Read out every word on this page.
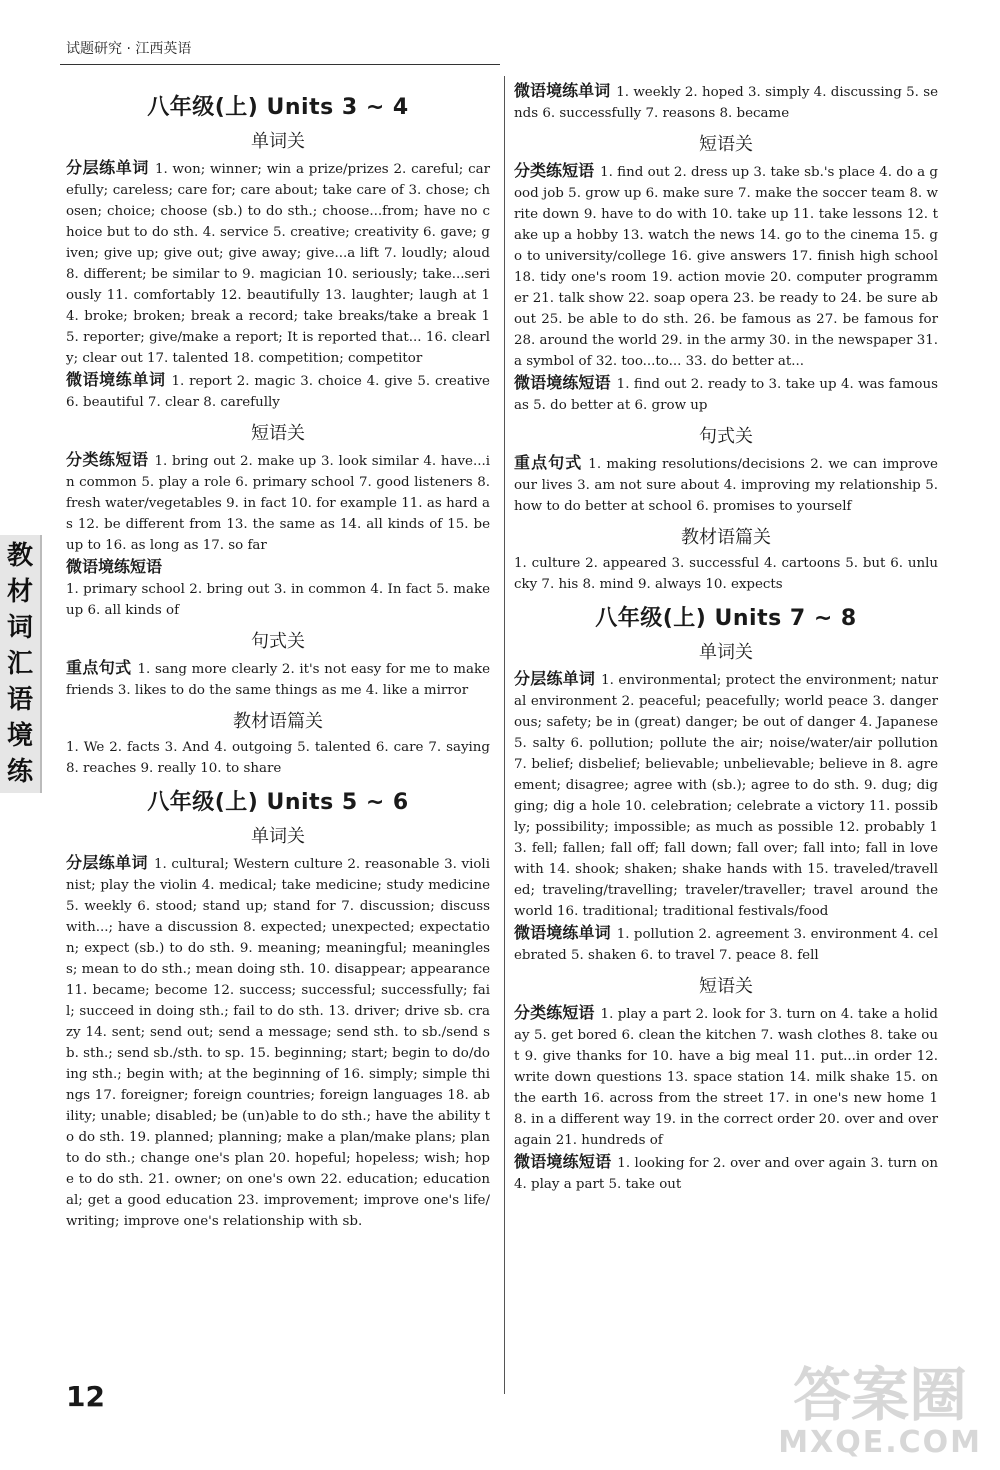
试题研究 · 江西英语
教
材
词
汇
语
境
练
八年级(上) Units 3 ~ 4
单词关

分层练单词 1. won; winner; win a prize/prizes 2. careful; carefully; careless; care for; care about; take care of 3. chose; chosen; choice; choose (sb.) to do sth.; choose...from; have no choice but to do sth. 4. service 5. creative; creativity 6. gave; given; give up; give out; give away; give...a lift 7. loudly; aloud 8. different; be similar to 9. magician 10. seriously; take...seriously 11. comfortably 12. beautifully 13. laughter; laugh at 14. broke; broken; break a record; take breaks/take a break 15. reporter; give/make a report; It is reported that... 16. clearly; clear out 17. talented 18. competition; competitor

微语境练单词 1. report 2. magic 3. choice 4. give 5. creative 6. beautiful 7. clear 8. carefully

短语关

分类练短语 1. bring out 2. make up 3. look similar 4. have...in common 5. play a role 6. primary school 7. good listeners 8. fresh water/vegetables 9. in fact 10. for example 11. as hard as 12. be different from 13. the same as 14. all kinds of 15. be up to 16. as long as 17. so far

微语境练短语
1. primary school 2. bring out 3. in common 4. In fact 5. make up 6. all kinds of

句式关

重点句式 1. sang more clearly 2. it's not easy for me to make friends 3. likes to do the same things as me 4. like a mirror

教材语篇关

1. We 2. facts 3. And 4. outgoing 5. talented 6. care 7. saying 8. reaches 9. really 10. to share

八年级(上) Units 5 ~ 6
单词关

分层练单词 1. cultural; Western culture 2. reasonable 3. violinist; play the violin 4. medical; take medicine; study medicine 5. weekly 6. stood; stand up; stand for 7. discussion; discuss with...; have a discussion 8. expected; unexpected; expectation; expect (sb.) to do sth. 9. meaning; meaningful; meaningless; mean to do sth.; mean doing sth. 10. disappear; appearance 11. became; become 12. success; successful; successfully; fail; succeed in doing sth.; fail to do sth. 13. driver; drive sb. crazy 14. sent; send out; send a message; send sth. to sb./send sb. sth.; send sb./sth. to sp. 15. beginning; start; begin to do/doing sth.; begin with; at the beginning of 16. simply; simple things 17. foreigner; foreign countries; foreign languages 18. ability; unable; disabled; be (un)able to do sth.; have the ability to do sth. 19. planned; planning; make a plan/make plans; plan to do sth.; change one's plan 20. hopeful; hopeless; wish; hope to do sth. 21. owner; on one's own 22. education; educational; get a good education 23. improvement; improve one's life/writing; improve one's relationship with sb.

微语境练单词 1. weekly 2. hoped 3. simply 4. discussing 5. sends 6. successfully 7. reasons 8. became

短语关

分类练短语 1. find out 2. dress up 3. take sb.'s place 4. do a good job 5. grow up 6. make sure 7. make the soccer team 8. write down 9. have to do with 10. take up 11. take lessons 12. take up a hobby 13. watch the news 14. go to the cinema 15. go to university/college 16. give answers 17. finish high school 18. tidy one's room 19. action movie 20. computer programmer 21. talk show 22. soap opera 23. be ready to 24. be sure about 25. be able to do sth. 26. be famous as 27. be famous for 28. around the world 29. in the army 30. in the newspaper 31. a symbol of 32. too...to... 33. do better at...

微语境练短语 1. find out 2. ready to 3. take up 4. was famous as 5. do better at 6. grow up

句式关

重点句式 1. making resolutions/decisions 2. we can improve our lives 3. am not sure about 4. improving my relationship 5. how to do better at school 6. promises to yourself

教材语篇关

1. culture 2. appeared 3. successful 4. cartoons 5. but 6. unlucky 7. his 8. mind 9. always 10. expects

八年级(上) Units 7 ~ 8
单词关

分层练单词 1. environmental; protect the environment; natural environment 2. peaceful; peacefully; world peace 3. dangerous; safety; be in (great) danger; be out of danger 4. Japanese 5. salty 6. pollution; pollute the air; noise/water/air pollution 7. belief; disbelief; believable; unbelievable; believe in 8. agreement; disagree; agree with (sb.); agree to do sth. 9. dug; digging; dig a hole 10. celebration; celebrate a victory 11. possibly; possibility; impossible; as much as possible 12. probably 13. fell; fallen; fall off; fall down; fall over; fall into; fall in love with 14. shook; shaken; shake hands with 15. traveled/travelled; traveling/travelling; traveler/traveller; travel around the world 16. traditional; traditional festivals/food

微语境练单词 1. pollution 2. agreement 3. environment 4. celebrated 5. shaken 6. to travel 7. peace 8. fell

短语关

分类练短语 1. play a part 2. look for 3. turn on 4. take a holiday 5. get bored 6. clean the kitchen 7. wash clothes 8. take out 9. give thanks for 10. have a big meal 11. put...in order 12. write down questions 13. space station 14. milk shake 15. on the earth 16. across from the street 17. in one's new home 18. in a different way 19. in the correct order 20. over and over again 21. hundreds of

微语境练短语 1. looking for 2. over and over again 3. turn on 4. play a part 5. take out

12	答案圈
MXQE.COM
